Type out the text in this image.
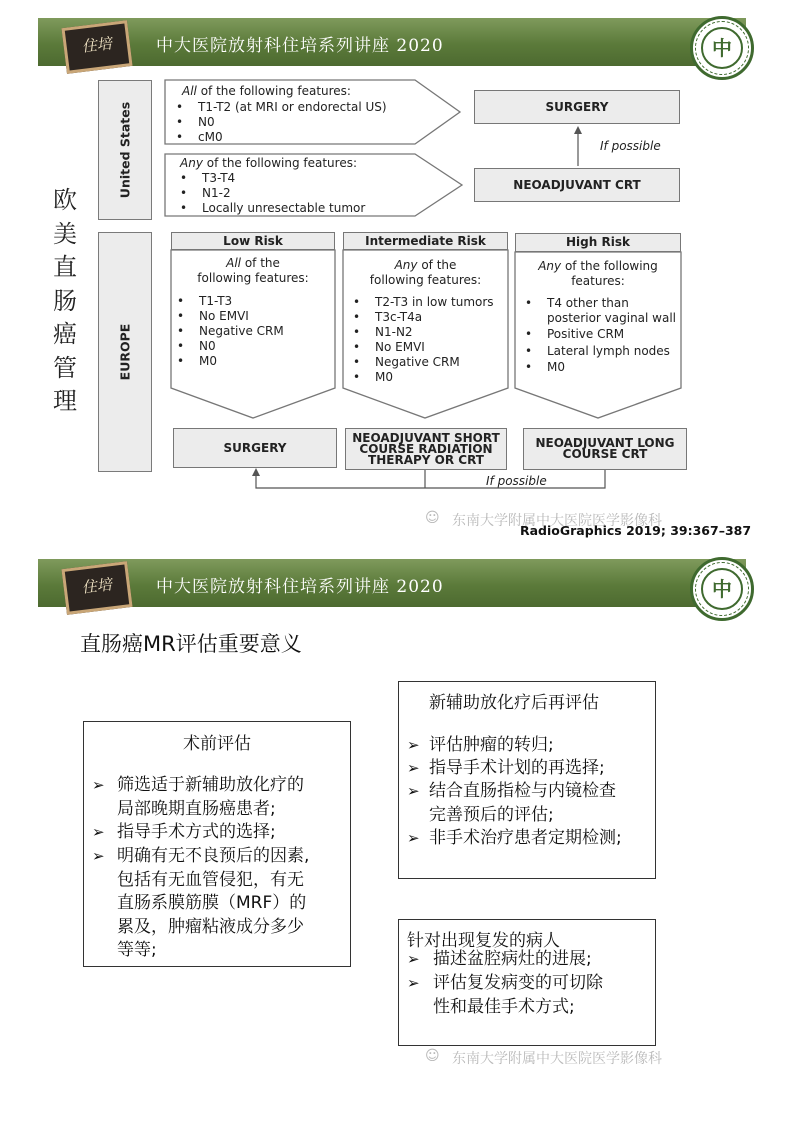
住培	中大医院放射科住培系列讲座 2020	中
欧
美
直
肠
癌
管
理
United States
EUROPE
All of the following features:
• T1-T2 (at MRI or endorectal US)
• N0
• cM0
Any of the following features:
• T3-T4
• N1-2
• Locally unresectable tumor
SURGERY
NEOADJUVANT CRT
If possible
Low Risk	Intermediate Risk	High Risk
All of the
following features:
• T1-T3
• No EMVI
• Negative CRM
• N0
• M0
Any of the
following features:
• T2-T3 in low tumors
• T3c-T4a
• N1-N2
• No EMVI
• Negative CRM
• M0
Any of the following
features:
• T4 other than
posterior vaginal wall
• Positive CRM
• Lateral lymph nodes
• M0
SURGERY
NEOADJUVANT SHORT
COURSE RADIATION
THERAPY OR CRT
NEOADJUVANT LONG
COURSE CRT
If possible
☺ 东南大学附属中大医院医学影像科
RadioGraphics 2019; 39:367–387
住培	中大医院放射科住培系列讲座 2020	中
直肠癌MR评估重要意义
术前评估
➢ 筛选适于新辅助放化疗的
局部晚期直肠癌患者;
➢ 指导手术方式的选择;
➢ 明确有无不良预后的因素,
包括有无血管侵犯，有无
直肠系膜筋膜（MRF）的
累及，肿瘤粘液成分多少
等等;
新辅助放化疗后再评估
➢ 评估肿瘤的转归;
➢ 指导手术计划的再选择;
➢ 结合直肠指检与内镜检查
完善预后的评估;
➢ 非手术治疗患者定期检测;
针对出现复发的病人
➢ 描述盆腔病灶的进展;
➢ 评估复发病变的可切除
性和最佳手术方式;
☺ 东南大学附属中大医院医学影像科
